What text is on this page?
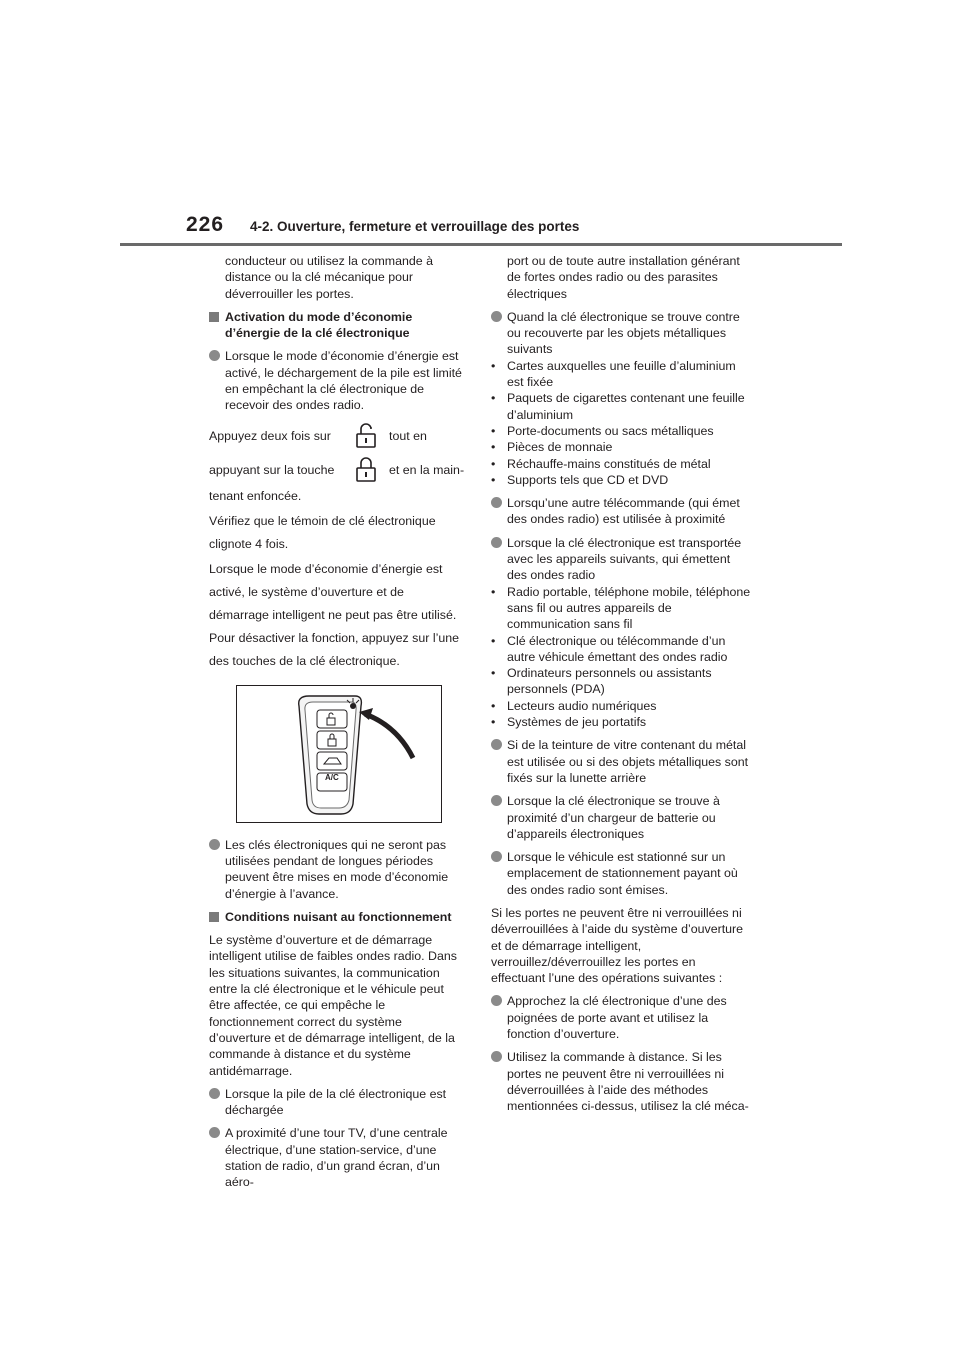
226 4-2. Ouverture, fermeture et verrouillage des portes

conducteur ou utilisez la commande à distance ou la clé mécanique pour déverrouiller les portes.

Activation du mode d’économie d’énergie de la clé électronique

Lorsque le mode d’économie d’énergie est activé, le déchargement de la pile est limité en empêchant la clé électronique de recevoir des ondes radio.
Appuyez deux fois sur	tout en
appuyant sur la touche	et en la main-

tenant enfoncée.

Vérifiez que le témoin de clé électronique clignote 4 fois.

Lorsque le mode d’économie d’énergie est activé, le système d’ouverture et de démarrage intelligent ne peut pas être utilisé. Pour désactiver la fonction, appuyez sur l’une des touches de la clé électronique.

A/C
Les clés électroniques qui ne seront pas utilisées pendant de longues périodes peuvent être mises en mode d’économie d’énergie à l’avance.

Conditions nuisant au fonctionnement

Le système d’ouverture et de démarrage intelligent utilise de faibles ondes radio. Dans les situations suivantes, la communication entre la clé électronique et le véhicule peut être affectée, ce qui empêche le fonctionnement correct du système d’ouverture et de démarrage intelligent, de la commande à distance et du système antidémarrage.

Lorsque la pile de la clé électronique est déchargée
A proximité d’une tour TV, d’une centrale électrique, d’une station-service, d’une station de radio, d’un grand écran, d’un aéro-

port ou de toute autre installation générant de fortes ondes radio ou des parasites électriques

Quand la clé électronique se trouve contre ou recouverte par les objets métalliques suivants

• Cartes auxquelles une feuille d’aluminium est fixée

• Paquets de cigarettes contenant une feuille d’aluminium

• Porte-documents ou sacs métalliques

• Pièces de monnaie

• Réchauffe-mains constitués de métal

• Supports tels que CD et DVD

Lorsqu’une autre télécommande (qui émet des ondes radio) est utilisée à proximité
Lorsque la clé électronique est transportée avec les appareils suivants, qui émettent des ondes radio

• Radio portable, téléphone mobile, téléphone sans fil ou autres appareils de communication sans fil

• Clé électronique ou télécommande d’un autre véhicule émettant des ondes radio

• Ordinateurs personnels ou assistants personnels (PDA)

• Lecteurs audio numériques

• Systèmes de jeu portatifs

Si de la teinture de vitre contenant du métal est utilisée ou si des objets métalliques sont fixés sur la lunette arrière
Lorsque la clé électronique se trouve à proximité d’un chargeur de batterie ou d’appareils électroniques
Lorsque le véhicule est stationné sur un emplacement de stationnement payant où des ondes radio sont émises.

Si les portes ne peuvent être ni verrouillées ni déverrouillées à l’aide du système d’ouverture et de démarrage intelligent, verrouillez/déverrouillez les portes en effectuant l’une des opérations suivantes :

Approchez la clé électronique d’une des poignées de porte avant et utilisez la fonction d’ouverture.
Utilisez la commande à distance. Si les portes ne peuvent être ni verrouillées ni déverrouillées à l’aide des méthodes mentionnées ci-dessus, utilisez la clé méca-
